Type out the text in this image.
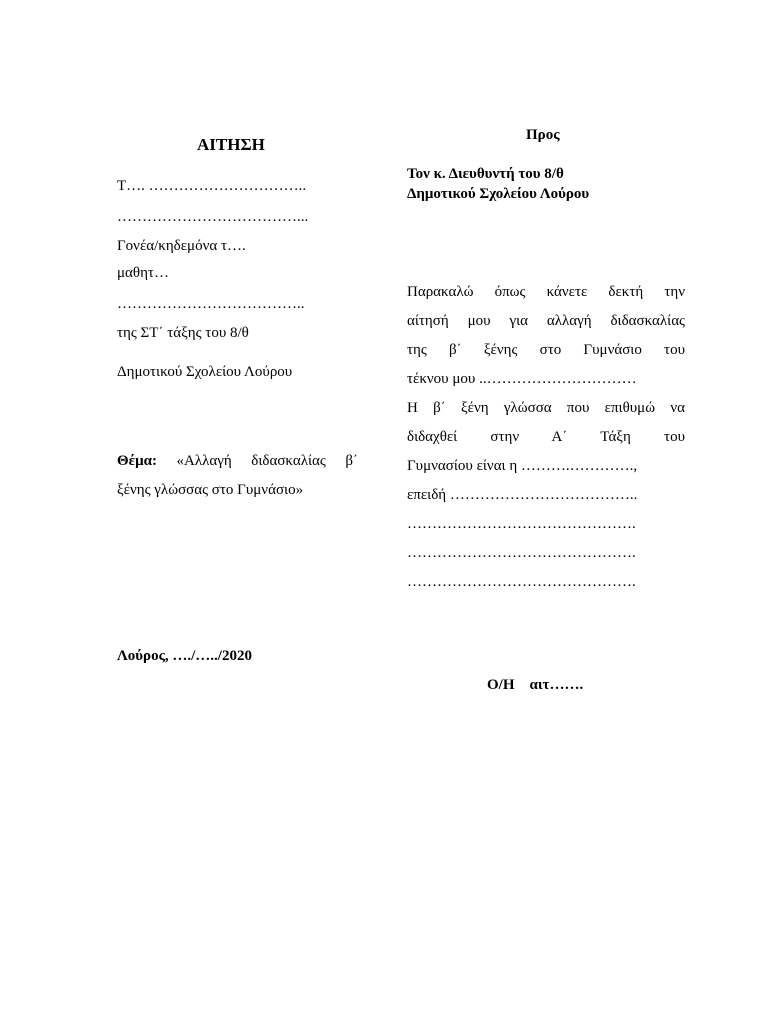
ΑΙΤΗΣΗ
Τ…. …………………………..
………………………………...
Γονέα/κηδεμόνα τ….
μαθητ…
………………………………..
της ΣΤ΄ τάξης του 8/θ
Δημοτικού Σχολείου Λούρου
Θέμα: «Αλλαγή διδασκαλίας β΄
ξένης γλώσσας στο Γυμνάσιο»
Λούρος, …./…../2020
Προς
Τον κ. Διευθυντή του 8/θ
Δημοτικού Σχολείου Λούρου
Παρακαλώ όπως κάνετε δεκτή την
αίτησή μου για αλλαγή διδασκαλίας
της β΄ ξένης στο Γυμνάσιο του
τέκνου μου ..…………………………
Η β΄ ξένη γλώσσα που επιθυμώ να
διδαχθεί στην Α΄ Τάξη του
Γυμνασίου είναι η ……….………….,
επειδή ………………………………..
……………………………………….
……………………………………….
……………………………………….
Ο/Η    αιτ…….
